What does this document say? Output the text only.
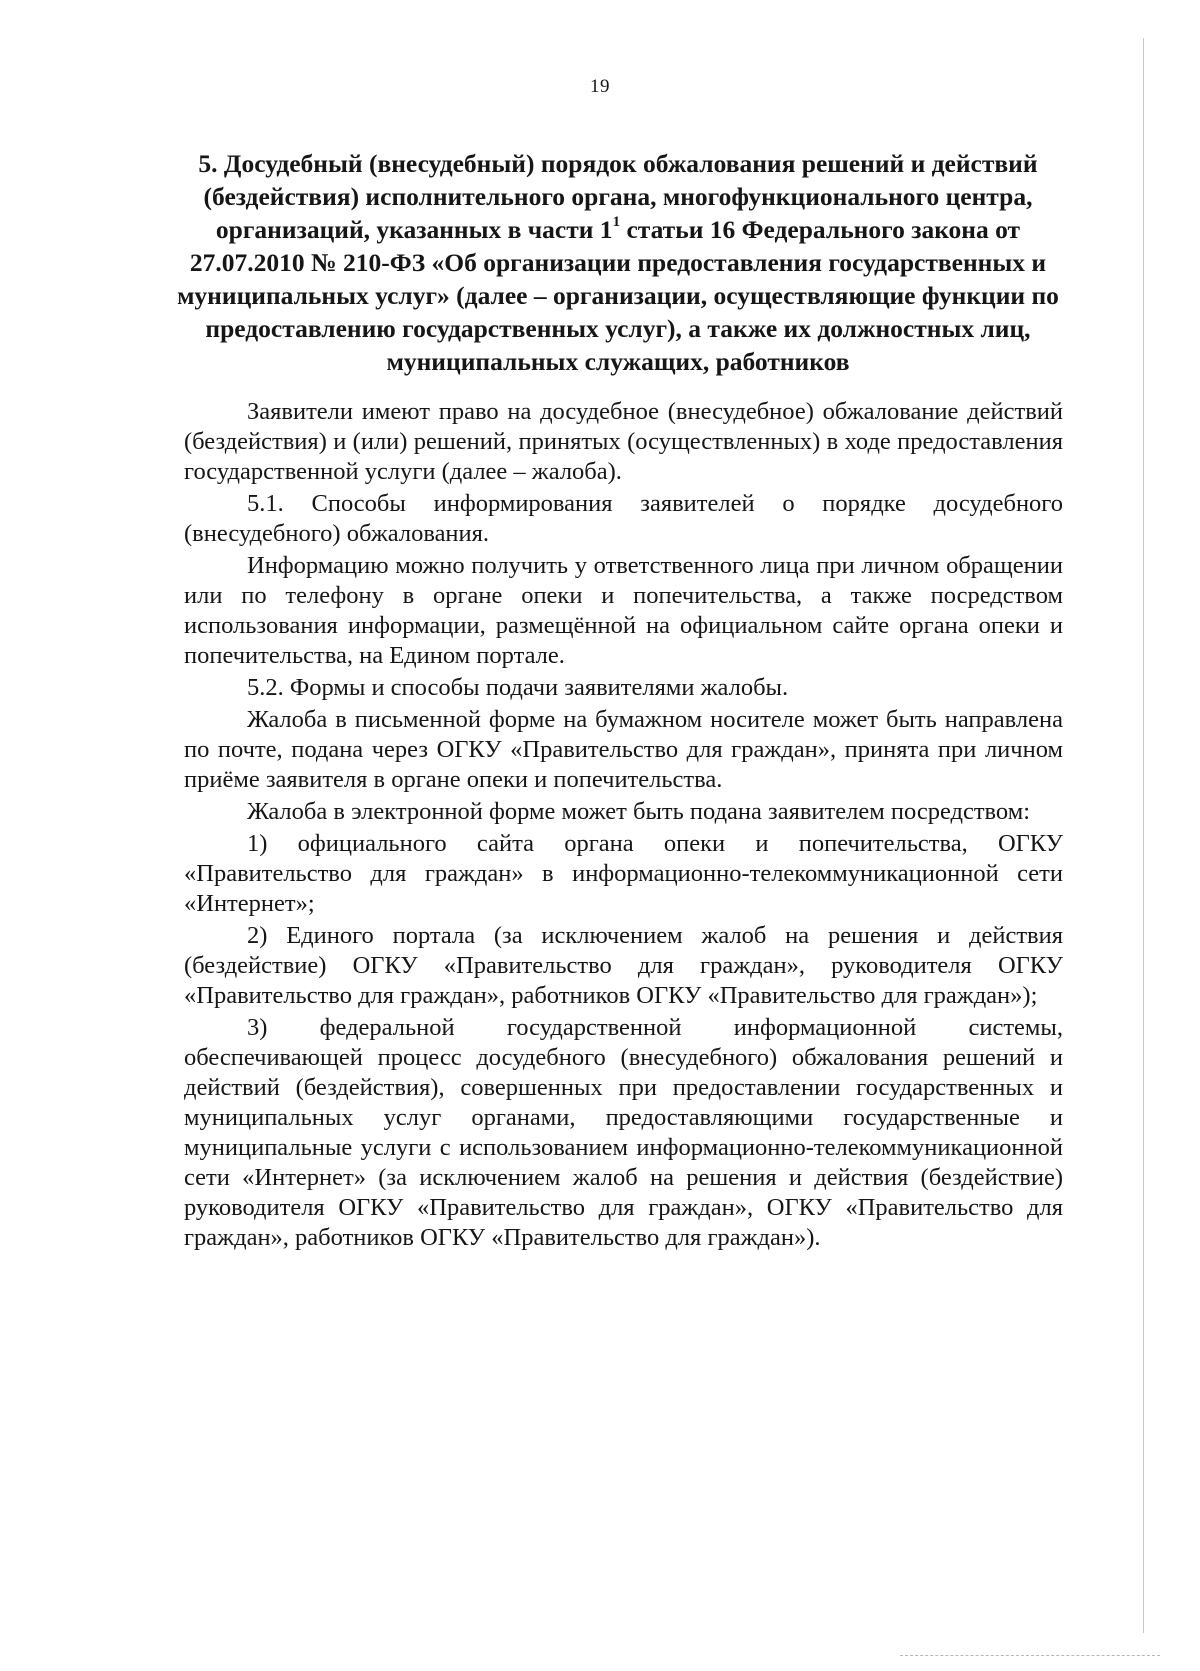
19
5. Досудебный (внесудебный) порядок обжалования решений и действий (бездействия) исполнительного органа, многофункционального центра, организаций, указанных в части $1^1$ статьи 16 Федерального закона от 27.07.2010 № 210-ФЗ «Об организации предоставления государственных и муниципальных услуг» (далее – организации, осуществляющие функции по предоставлению государственных услуг), а также их должностных лиц, муниципальных служащих, работников

Заявители имеют право на досудебное (внесудебное) обжалование действий (бездействия) и (или) решений, принятых (осуществленных) в ходе предоставления государственной услуги (далее – жалоба).

5.1. Способы информирования заявителей о порядке досудебного (внесудебного) обжалования.

Информацию можно получить у ответственного лица при личном обращении или по телефону в органе опеки и попечительства, а также посредством использования информации, размещённой на официальном сайте органа опеки и попечительства, на Едином портале.

5.2. Формы и способы подачи заявителями жалобы.

Жалоба в письменной форме на бумажном носителе может быть направлена по почте, подана через ОГКУ «Правительство для граждан», принята при личном приёме заявителя в органе опеки и попечительства.

Жалоба в электронной форме может быть подана заявителем посредством:

1) официального сайта органа опеки и попечительства, ОГКУ «Правительство для граждан» в информационно-телекоммуникационной сети «Интернет»;

2) Единого портала (за исключением жалоб на решения и действия (бездействие) ОГКУ «Правительство для граждан», руководителя ОГКУ «Правительство для граждан», работников ОГКУ «Правительство для граждан»);

3) федеральной государственной информационной системы, обеспечивающей процесс досудебного (внесудебного) обжалования решений и действий (бездействия), совершенных при предоставлении государственных и муниципальных услуг органами, предоставляющими государственные и муниципальные услуги с использованием информационно-телекоммуникационной сети «Интернет» (за исключением жалоб на решения и действия (бездействие) руководителя ОГКУ «Правительство для граждан», ОГКУ «Правительство для граждан», работников ОГКУ «Правительство для граждан»).
